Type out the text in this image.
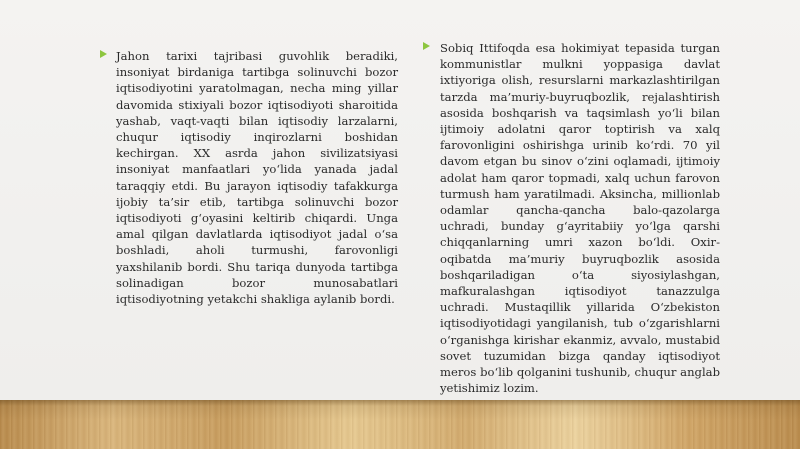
Jahon tarixi tajribasi guvohlik beradiki, insoniyat birdaniga tartibga solinuvchi bozor iqtisodiyotini yaratolmagan, necha ming yillar davomida stixiyali bozor iqtisodiyoti sharoitida yashab, vaqt-vaqti bilan iqtisodiy larzalarni, chuqur iqtisodiy inqirozlarni boshidan kechirgan. XX asrda jahon sivilizatsiyasi insoniyat manfaatlari yo‘lida yanada jadal taraqqiy etdi. Bu jarayon iqtisodiy tafakkurga ijobiy ta’sir etib, tartibga solinuvchi bozor iqtisodiyoti g‘oyasini keltirib chiqardi. Unga amal qilgan davlatlarda iqtisodiyot jadal o‘sa boshladi, aholi turmushi, farovonligi yaxshilanib bordi. Shu tariqa dunyoda tartibga solinadigan bozor munosabatlari iqtisodiyotning yetakchi shakliga aylanib bordi.
Sobiq Ittifoqda esa hokimiyat tepasida turgan kommunistlar mulkni yoppasiga davlat ixtiyoriga olish, resurslarni markazlashtirilgan tarzda ma’muriy-buyruqbozlik, rejalashtirish asosida boshqarish va taqsimlash yo‘li bilan ijtimoiy adolatni qaror toptirish va xalq farovonligini oshirishga urinib ko‘rdi. 70 yil davom etgan bu sinov o‘zini oqlamadi, ijtimoiy adolat ham qaror topmadi, xalq uchun farovon turmush ham yaratilmadi. Aksincha, millionlab odamlar qancha-qancha balo-qazolarga uchradi, bunday g‘ayritabiiy yo‘lga qarshi chiqqanlarning umri xazon bo‘ldi. Oxir-oqibatda ma’muriy buyruqbozlik asosida boshqariladigan o‘ta siyosiylashgan, mafkuralashgan iqtisodiyot tanazzulga uchradi. Mustaqillik yillarida O‘zbekiston iqtisodiyotidagi yangilanish, tub o‘zgarishlarni o‘rganishga kirishar ekanmiz, avvalo, mustabid sovet tuzumidan bizga qanday iqtisodiyot meros bo‘lib qolganini tushunib, chuqur anglab yetishimiz lozim.
